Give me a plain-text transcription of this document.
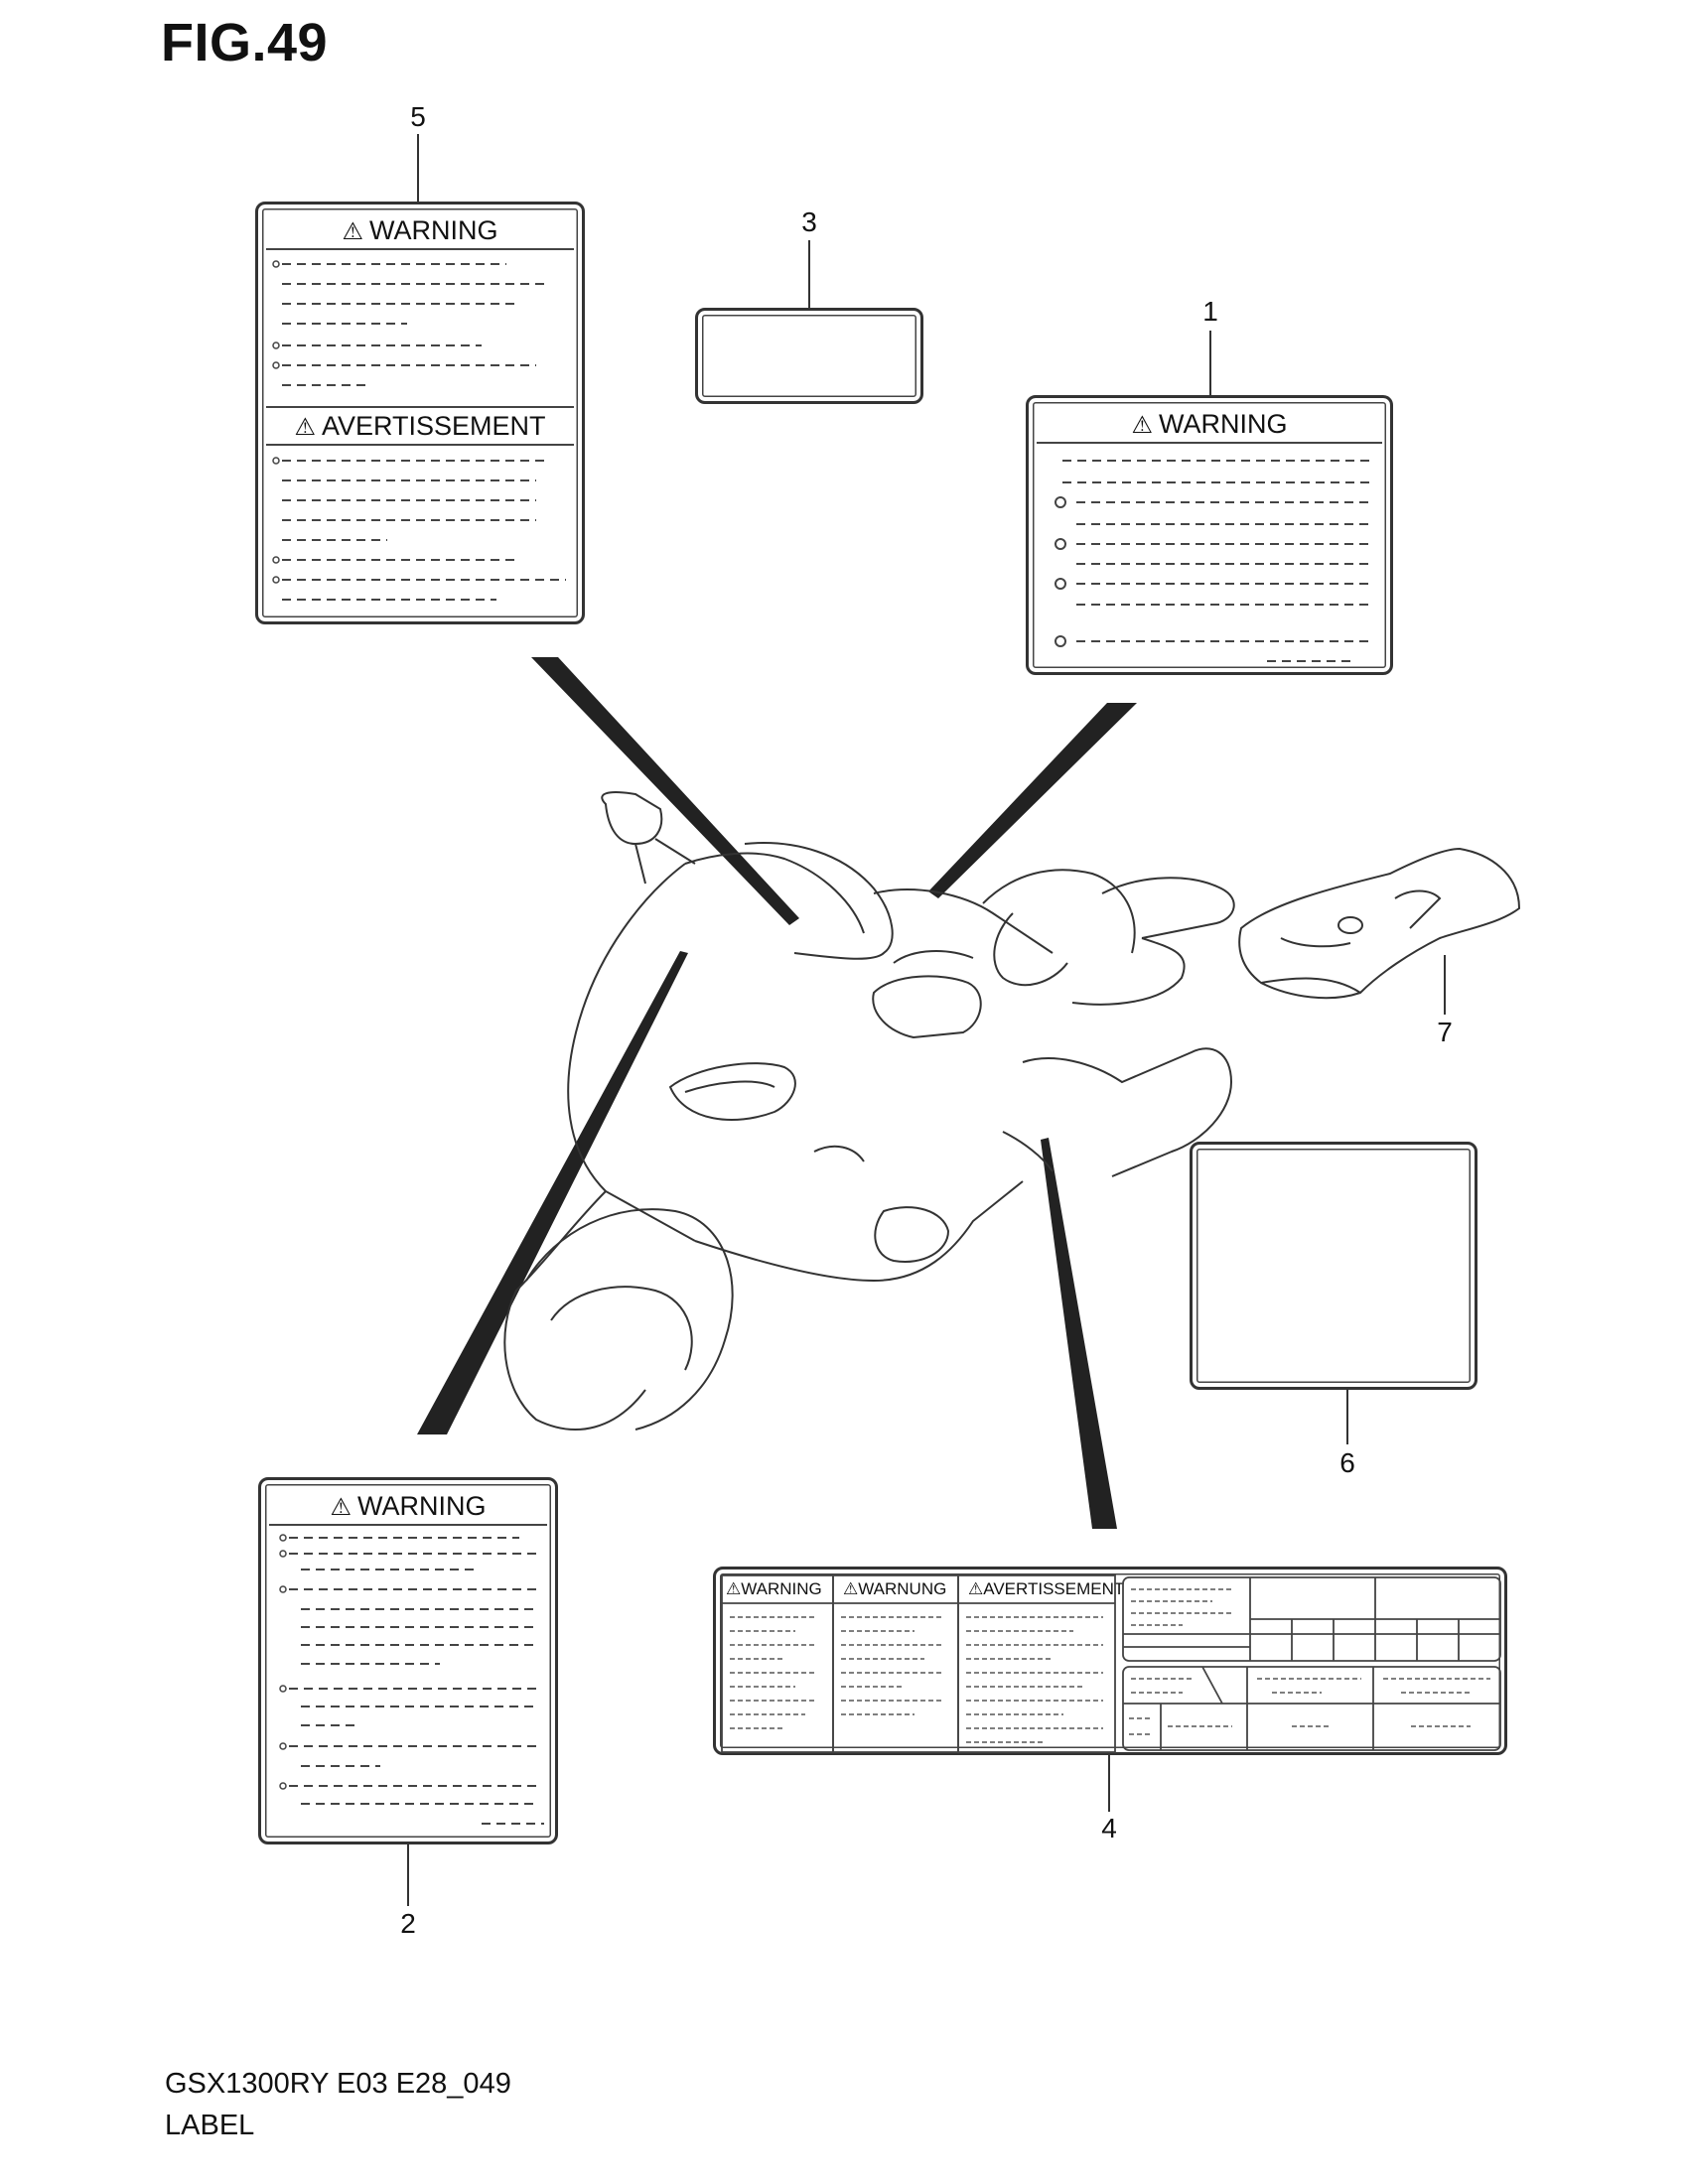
FIG.49
⚠ WARNING
⚠ AVERTISSEMENT	⚠ WARNING
⚠ WARNING
⚠WARNING ⚠WARNUNG ⚠AVERTISSEMENT
1
2
3
4
5
6
7
GSX1300RY E03 E28_049
LABEL
